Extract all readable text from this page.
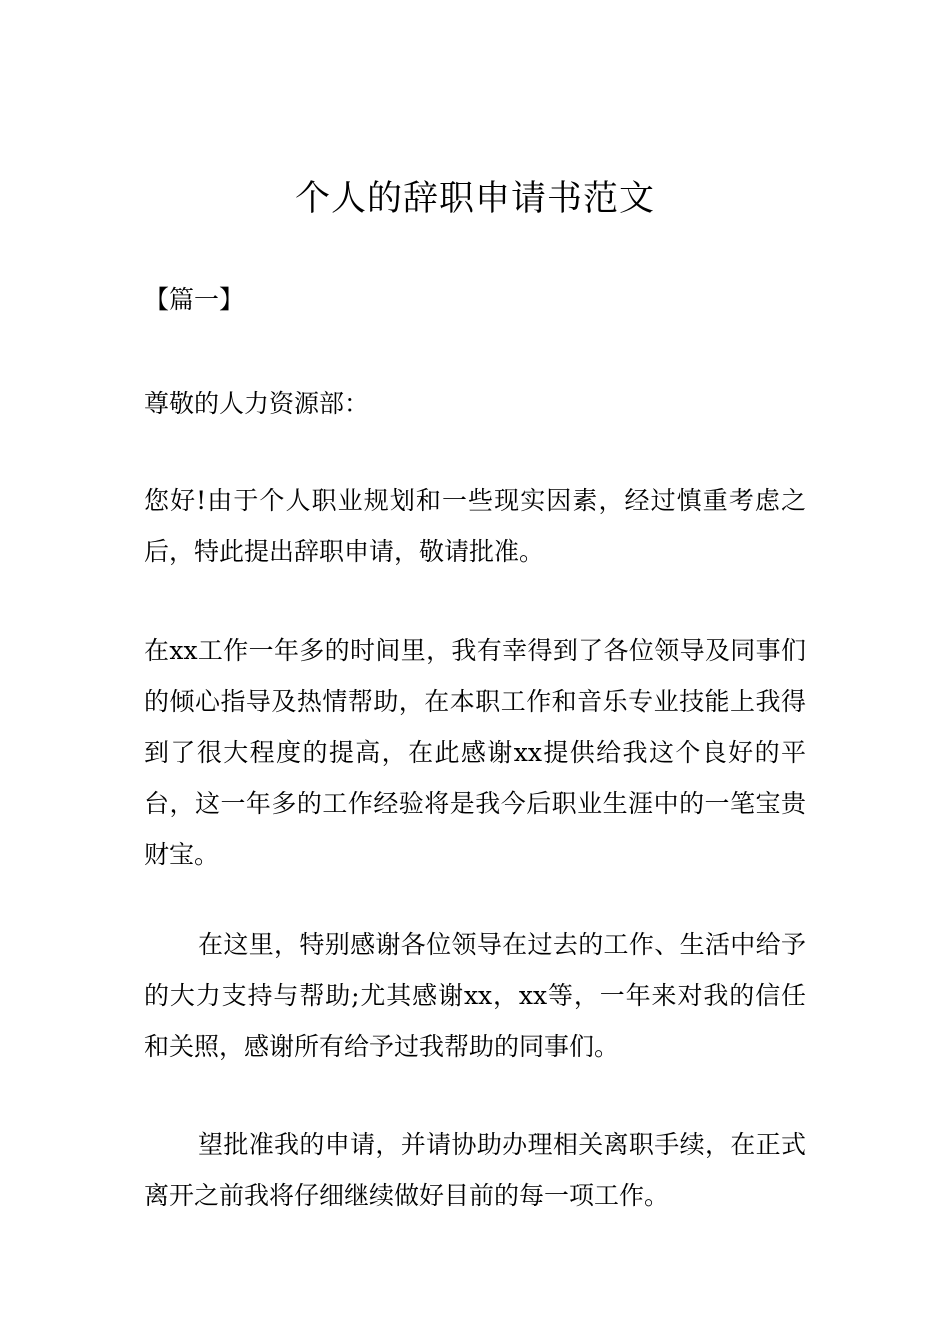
个人的辞职申请书范文
【篇一】
尊敬的人力资源部：
您好!由于个人职业规划和一些现实因素，经过慎重考虑之后，特此提出辞职申请，敬请批准。
在xx工作一年多的时间里，我有幸得到了各位领导及同事们的倾心指导及热情帮助，在本职工作和音乐专业技能上我得到了很大程度的提高，在此感谢xx提供给我这个良好的平台，这一年多的工作经验将是我今后职业生涯中的一笔宝贵财宝。
在这里，特别感谢各位领导在过去的工作、生活中给予的大力支持与帮助;尤其感谢xx，xx等，一年来对我的信任和关照，感谢所有给予过我帮助的同事们。
望批准我的申请，并请协助办理相关离职手续，在正式离开之前我将仔细继续做好目前的每一项工作。
